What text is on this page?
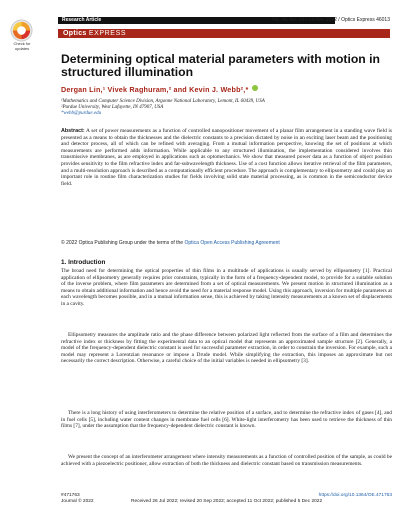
Check for
updates
Research Article	Vol. 30, No. 26 / 19 Dec 2022 / Optics Express 46013
Optics EXPRESS
Determining optical material parameters with motion in structured illumination
Dergan Lin,¹ Vivek Raghuram,² and Kevin J. Webb²,*
¹Mathematics and Computer Science Division, Argonne National Laboratory, Lemont, IL 60439, USA
²Purdue University, West Lafayette, IN 47907, USA
*webb@purdue.edu

Abstract: A set of power measurements as a function of controlled nanopositioner movement of a planar film arrangement in a standing wave field is presented as a means to obtain the thicknesses and the dielectric constants to a precision dictated by noise in an exciting laser beam and the positioning and detector process, all of which can be refined with averaging. From a mutual information perspective, knowing the set of positions at which measurements are performed adds information. While applicable to any structured illumination, the implementation considered involves thin transmissive membranes, as are employed in applications such as optomechanics. We show that measured power data as a function of object position provides sensitivity to the film refractive index and far-subwavelength thickness. Use of a cost function allows iterative retrieval of the film parameters, and a multi-resolution approach is described as a computationally efficient procedure. The approach is complementary to ellipsometry and could play an important role in routine film characterization studies for fields involving solid state material processing, as is common in the semiconductor device field.

© 2022 Optica Publishing Group under the terms of the Optica Open Access Publishing Agreement
1. Introduction

The broad need for determining the optical properties of thin films in a multitude of applications is usually served by ellipsometry [1]. Practical application of ellipsometry generally requires prior constraints, typically in the form of a frequency-dependent model, to provide for a suitable solution of the inverse problem, where film parameters are determined from a set of optical measurements. We present motion in structured illumination as a means to obtain additional information and hence avoid the need for a material response model. Using this approach, inversion for multiple parameters at each wavelength becomes possible, and in a mutual information sense, this is achieved by taking intensity measurements at a known set of displacements in a cavity.

Ellipsometry measures the amplitude ratio and the phase difference between polarized light reflected from the surface of a film and determines the refractive index or thickness by fitting the experimental data to an optical model that represents an approximated sample structure [2]. Generally, a model of the frequency-dependent dielectric constant is used for successful parameter extraction, in order to constrain the inversion. For example, such a model may represent a Lorentzian resonance or impose a Drude model. While simplifying the extraction, this imposes an approximate but not necessarily the correct description. Otherwise, a careful choice of the initial variables is needed in ellipsometry [3].

There is a long history of using interferometers to determine the relative position of a surface, and to determine the refractive index of gases [4], and in fuel cells [5], including water content changes in membrane fuel cells [6]. White-light interferometry has been used to retrieve the thickness of thin films [7], under the assumption that the frequency-dependent dielectric constant is known.

We present the concept of an interferometer arrangement where intensity measurements as a function of controlled position of the sample, as could be achieved with a piezoelectric positioner, allow extraction of both the thickness and dielectric constant based on transmission measurements.

#471763	https://doi.org/10.1364/OE.471763
Journal © 2022	Received 26 Jul 2022; revised 20 Sep 2022; accepted 11 Oct 2022; published 5 Dec 2022
